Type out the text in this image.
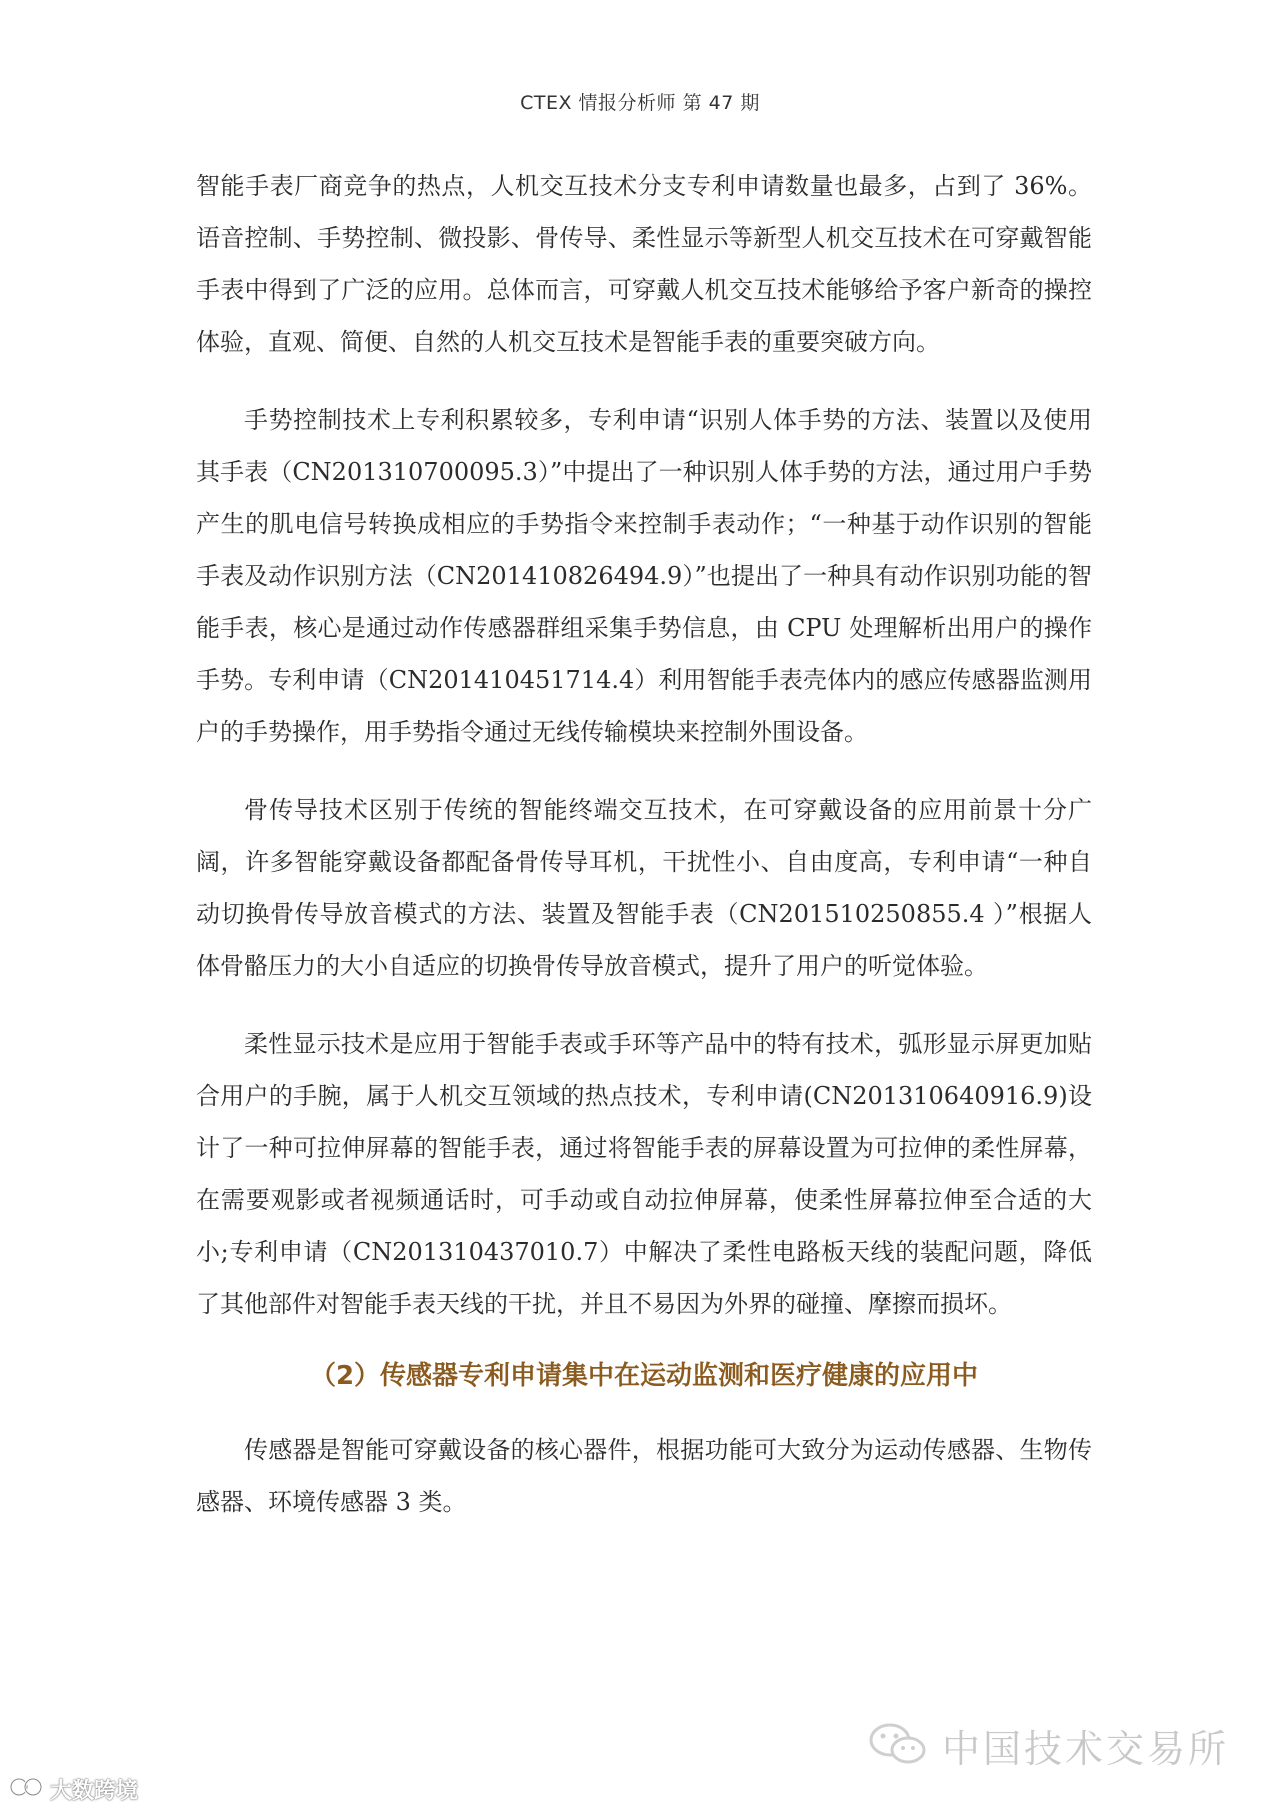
CTEX 情报分析师 第 47 期

智能手表厂商竞争的热点，人机交互技术分支专利申请数量也最多，占到了 36%。语音控制、手势控制、微投影、骨传导、柔性显示等新型人机交互技术在可穿戴智能手表中得到了广泛的应用。总体而言，可穿戴人机交互技术能够给予客户新奇的操控体验，直观、简便、自然的人机交互技术是智能手表的重要突破方向。

手势控制技术上专利积累较多，专利申请“识别人体手势的方法、装置以及使用其手表（CN201310700095.3）”中提出了一种识别人体手势的方法，通过用户手势产生的肌电信号转换成相应的手势指令来控制手表动作；“一种基于动作识别的智能手表及动作识别方法（CN201410826494.9）”也提出了一种具有动作识别功能的智能手表，核心是通过动作传感器群组采集手势信息，由 CPU 处理解析出用户的操作手势。专利申请（CN201410451714.4）利用智能手表壳体内的感应传感器监测用户的手势操作，用手势指令通过无线传输模块来控制外围设备。

骨传导技术区别于传统的智能终端交互技术，在可穿戴设备的应用前景十分广阔，许多智能穿戴设备都配备骨传导耳机，干扰性小、自由度高，专利申请“一种自动切换骨传导放音模式的方法、装置及智能手表（CN201510250855.4 ）”根据人体骨骼压力的大小自适应的切换骨传导放音模式，提升了用户的听觉体验。

柔性显示技术是应用于智能手表或手环等产品中的特有技术，弧形显示屏更加贴合用户的手腕，属于人机交互领域的热点技术，专利申请(CN201310640916.9)设计了一种可拉伸屏幕的智能手表，通过将智能手表的屏幕设置为可拉伸的柔性屏幕，在需要观影或者视频通话时，可手动或自动拉伸屏幕，使柔性屏幕拉伸至合适的大小;专利申请（CN201310437010.7）中解决了柔性电路板天线的装配问题，降低了其他部件对智能手表天线的干扰，并且不易因为外界的碰撞、摩擦而损坏。

（2）传感器专利申请集中在运动监测和医疗健康的应用中

传感器是智能可穿戴设备的核心器件，根据功能可大致分为运动传感器、生物传感器、环境传感器 3 类。

中国技术交易所
大数跨境
